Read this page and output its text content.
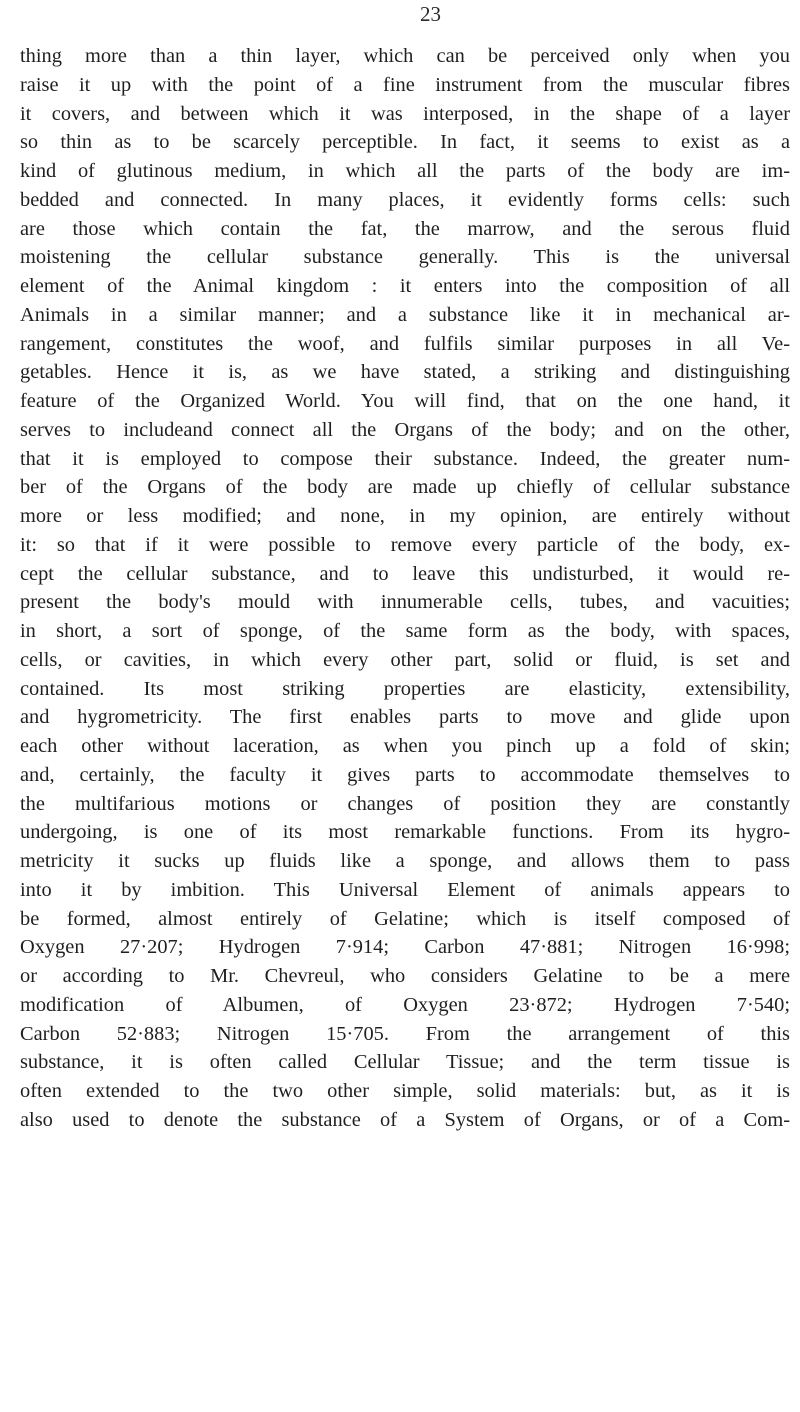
23
thing more than a thin layer, which can be perceived only when you
raise it up with the point of a fine instrument from the muscular fibres
it covers, and between which it was interposed, in the shape of a layer
so thin as to be scarcely perceptible. In fact, it seems to exist as a
kind of glutinous medium, in which all the parts of the body are im-
bedded and connected. In many places, it evidently forms cells: such
are those which contain the fat, the marrow, and the serous fluid
moistening the cellular substance generally. This is the universal
element of the Animal kingdom : it enters into the composition of all
Animals in a similar manner; and a substance like it in mechanical ar-
rangement, constitutes the woof, and fulfils similar purposes in all Ve-
getables. Hence it is, as we have stated, a striking and distinguishing
feature of the Organized World. You will find, that on the one hand, it
serves to includeand connect all the Organs of the body; and on the other,
that it is employed to compose their substance. Indeed, the greater num-
ber of the Organs of the body are made up chiefly of cellular substance
more or less modified; and none, in my opinion, are entirely without
it: so that if it were possible to remove every particle of the body, ex-
cept the cellular substance, and to leave this undisturbed, it would re-
present the body's mould with innumerable cells, tubes, and vacuities;
in short, a sort of sponge, of the same form as the body, with spaces,
cells, or cavities, in which every other part, solid or fluid, is set and
contained. Its most striking properties are elasticity, extensibility,
and hygrometricity. The first enables parts to move and glide upon
each other without laceration, as when you pinch up a fold of skin;
and, certainly, the faculty it gives parts to accommodate themselves to
the multifarious motions or changes of position they are constantly
undergoing, is one of its most remarkable functions. From its hygro-
metricity it sucks up fluids like a sponge, and allows them to pass
into it by imbition. This Universal Element of animals appears to
be formed, almost entirely of Gelatine; which is itself composed of
Oxygen 27·207; Hydrogen 7·914; Carbon 47·881; Nitrogen 16·998;
or according to Mr. Chevreul, who considers Gelatine to be a mere
modification of Albumen, of Oxygen 23·872; Hydrogen 7·540;
Carbon 52·883; Nitrogen 15·705. From the arrangement of this
substance, it is often called Cellular Tissue; and the term tissue is
often extended to the two other simple, solid materials: but, as it is
also used to denote the substance of a System of Organs, or of a Com-
